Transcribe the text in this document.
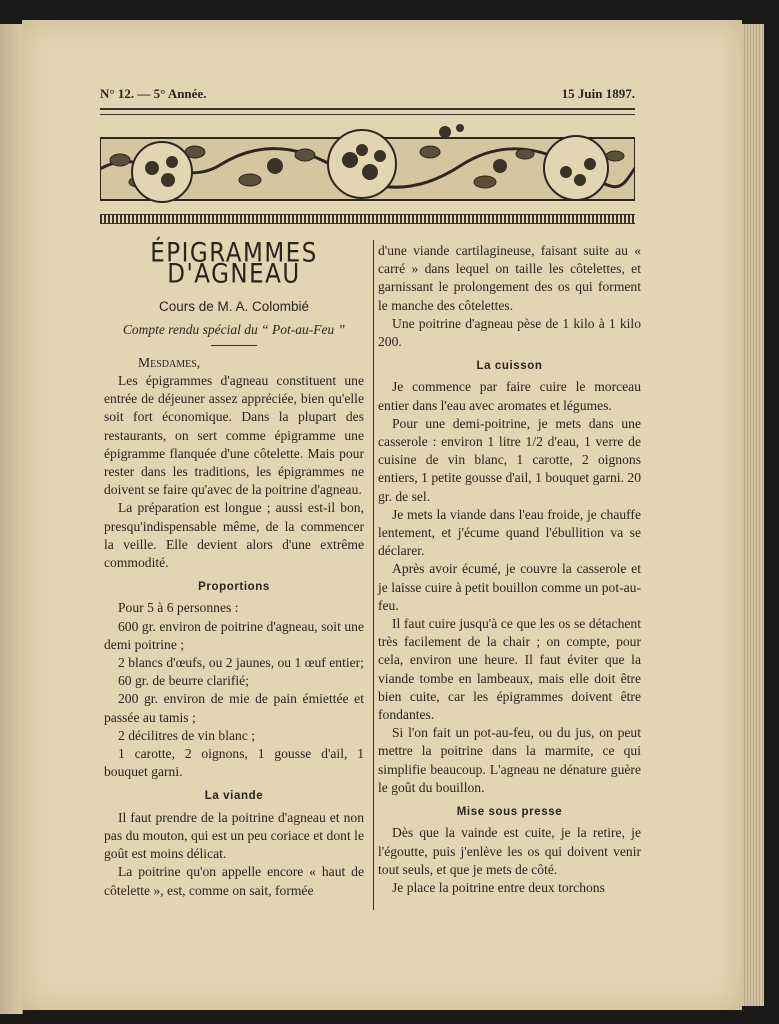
N° 12. — 5° Année.	15 Juin 1897.
ÉPIGRAMMES D'AGNEAU
Cours de M. A. Colombié
Compte rendu spécial du “ Pot-au-Feu ”

Mesdames,

Les épigrammes d'agneau constituent une entrée de déjeuner assez appréciée, bien qu'elle soit fort économique. Dans la plupart des restaurants, on sert comme épigramme une épigramme flanquée d'une côtelette. Mais pour rester dans les traditions, les épigrammes ne doivent se faire qu'avec de la poitrine d'agneau.

La préparation est longue ; aussi est-il bon, presqu'indispensable même, de la commencer la veille. Elle devient alors d'une extrême commodité.

Proportions

Pour 5 à 6 personnes :

600 gr. environ de poitrine d'agneau, soit une demi poitrine ;

2 blancs d'œufs, ou 2 jaunes, ou 1 œuf entier;

60 gr. de beurre clarifié;

200 gr. environ de mie de pain émiettée et passée au tamis ;

2 décilitres de vin blanc ;

1 carotte, 2 oignons, 1 gousse d'ail, 1 bouquet garni.

La viande

Il faut prendre de la poitrine d'agneau et non pas du mouton, qui est un peu coriace et dont le goût est moins délicat.

La poitrine qu'on appelle encore « haut de côtelette », est, comme on sait, formée

d'une viande cartilagineuse, faisant suite au « carré » dans lequel on taille les côtelettes, et garnissant le prolongement des os qui forment le manche des côtelettes.

Une poitrine d'agneau pèse de 1 kilo à 1 kilo 200.

La cuisson

Je commence par faire cuire le morceau entier dans l'eau avec aromates et légumes.

Pour une demi-poitrine, je mets dans une casserole : environ 1 litre 1/2 d'eau, 1 verre de cuisine de vin blanc, 1 carotte, 2 oignons entiers, 1 petite gousse d'ail, 1 bouquet garni. 20 gr. de sel.

Je mets la viande dans l'eau froide, je chauffe lentement, et j'écume quand l'ébullition va se déclarer.

Après avoir écumé, je couvre la casserole et je laisse cuire à petit bouillon comme un pot-au-feu.

Il faut cuire jusqu'à ce que les os se détachent très facilement de la chair ; on compte, pour cela, environ une heure. Il faut éviter que la viande tombe en lambeaux, mais elle doit être bien cuite, car les épigrammes doivent être fondantes.

Si l'on fait un pot-au-feu, ou du jus, on peut mettre la poitrine dans la marmite, ce qui simplifie beaucoup. L'agneau ne dénature guère le goût du bouillon.

Mise sous presse

Dès que la vainde est cuite, je la retire, je l'égoutte, puis j'enlève les os qui doivent venir tout seuls, et que je mets de côté.

Je place la poitrine entre deux torchons
